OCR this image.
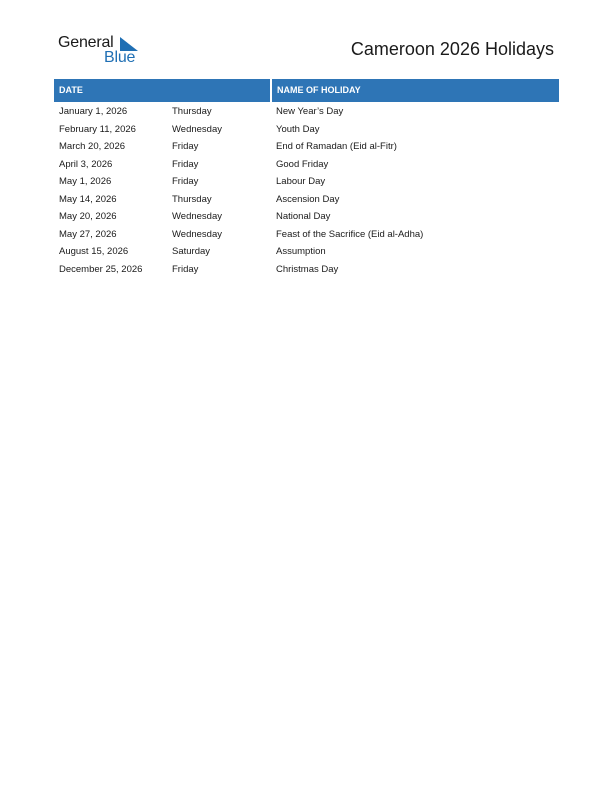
General
Blue	Cameroon 2026 Holidays
DATE	NAME OF HOLIDAY
January 1, 2026	Thursday	New Year’s Day
February 11, 2026	Wednesday	Youth Day
March 20, 2026	Friday	End of Ramadan (Eid al-Fitr)
April 3, 2026	Friday	Good Friday
May 1, 2026	Friday	Labour Day
May 14, 2026	Thursday	Ascension Day
May 20, 2026	Wednesday	National Day
May 27, 2026	Wednesday	Feast of the Sacrifice (Eid al-Adha)
August 15, 2026	Saturday	Assumption
December 25, 2026	Friday	Christmas Day
